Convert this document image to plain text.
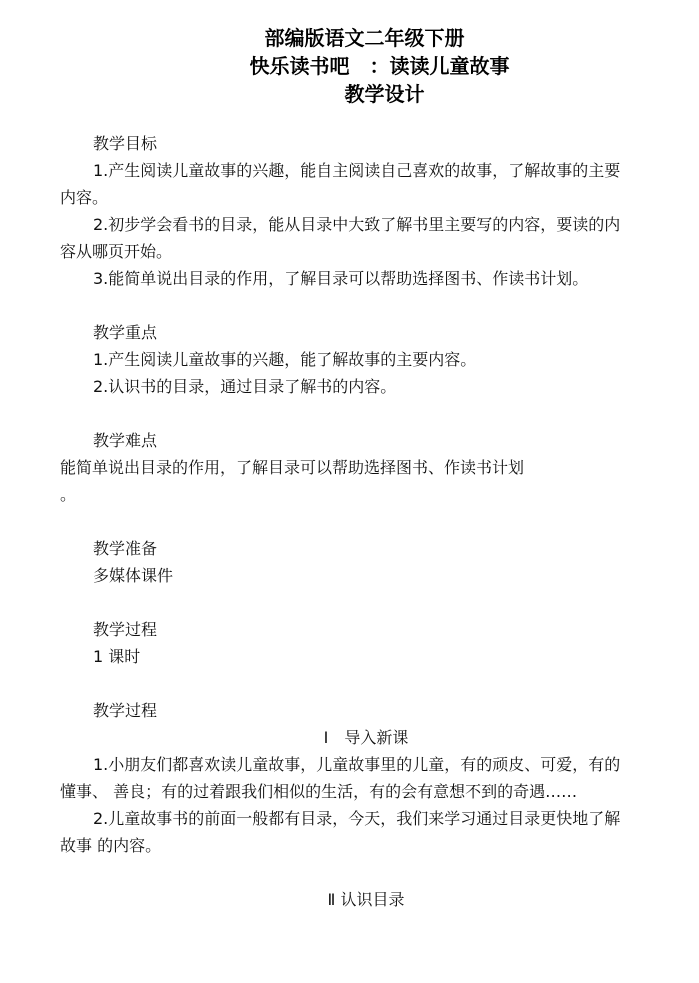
部编版语文二年级下册
快乐读书吧　：读读儿童故事
教学设计

教学目标

1.产生阅读儿童故事的兴趣，能自主阅读自己喜欢的故事，了解故事的主要内容。

2.初步学会看书的目录，能从目录中大致了解书里主要写的内容，要读的内容从哪页开始。

3.能简单说出目录的作用，了解目录可以帮助选择图书、作读书计划。

教学重点

1.产生阅读儿童故事的兴趣，能了解故事的主要内容。

2.认识书的目录，通过目录了解书的内容。

教学难点

能简单说出目录的作用，了解目录可以帮助选择图书、作读书计划

。

教学准备

多媒体课件

教学过程

1 课时

教学过程

Ⅰ　导入新课

1.小朋友们都喜欢读儿童故事，儿童故事里的儿童，有的顽皮、可爱，有的懂事、 善良；有的过着跟我们相似的生活，有的会有意想不到的奇遇……

2.儿童故事书的前面一般都有目录，今天，我们来学习通过目录更快地了解故事 的内容。

Ⅱ 认识目录
